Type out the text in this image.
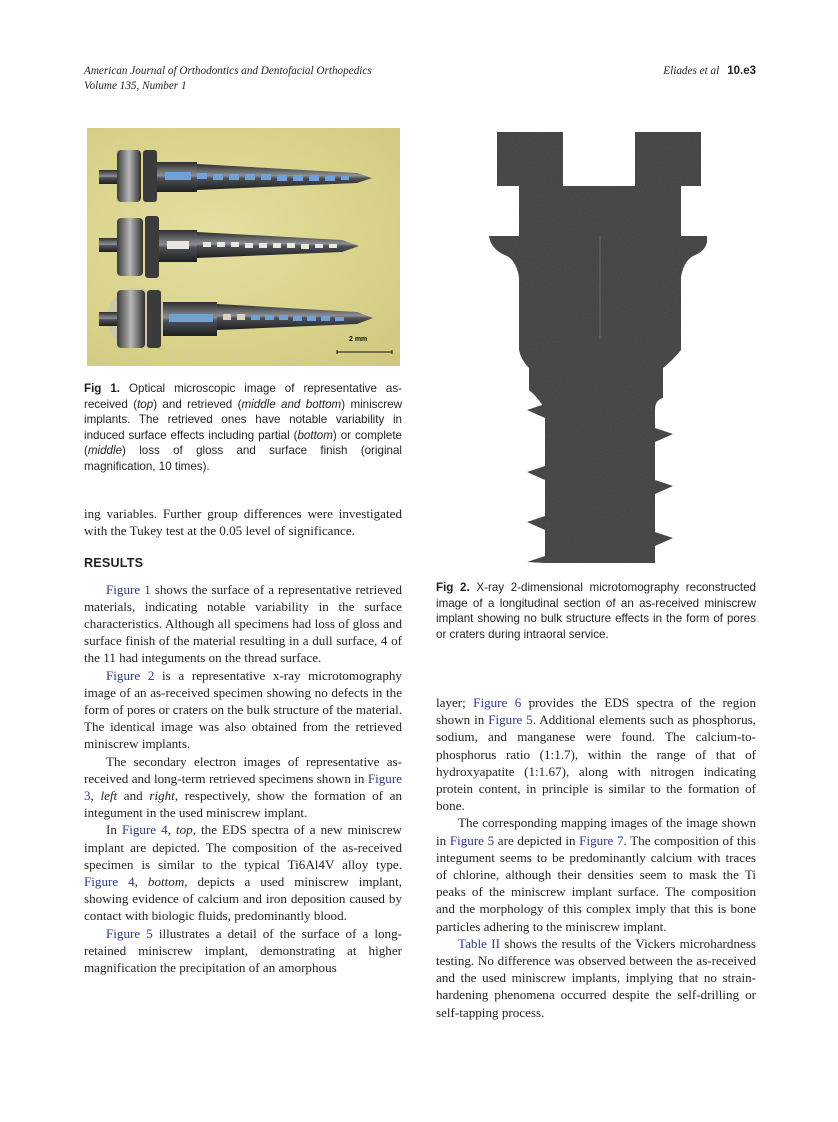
American Journal of Orthodontics and Dentofacial Orthopedics
Volume 135, Number 1
Eliades et al 10.e3
2 mm
Fig 1. Optical microscopic image of representative as-received (top) and retrieved (middle and bottom) miniscrew implants. The retrieved ones have notable variability in induced surface effects including partial (bottom) or complete (middle) loss of gloss and surface finish (original magnification, 10 times).
Fig 2. X-ray 2-dimensional microtomography reconstructed image of a longitudinal section of an as-received miniscrew implant showing no bulk structure effects in the form of pores or craters during intraoral service.

ing variables. Further group differences were investigated with the Tukey test at the 0.05 level of significance.

RESULTS

Figure 1 shows the surface of a representative retrieved materials, indicating notable variability in the surface characteristics. Although all specimens had loss of gloss and surface finish of the material resulting in a dull surface, 4 of the 11 had integuments on the thread surface.

Figure 2 is a representative x-ray microtomography image of an as-received specimen showing no defects in the form of pores or craters on the bulk structure of the material. The identical image was also obtained from the retrieved miniscrew implants.

The secondary electron images of representative as-received and long-term retrieved specimens shown in Figure 3, left and right, respectively, show the formation of an integument in the used miniscrew implant.

In Figure 4, top, the EDS spectra of a new miniscrew implant are depicted. The composition of the as-received specimen is similar to the typical Ti6Al4V alloy type. Figure 4, bottom, depicts a used miniscrew implant, showing evidence of calcium and iron deposition caused by contact with biologic fluids, predominantly blood.

Figure 5 illustrates a detail of the surface of a long-retained miniscrew implant, demonstrating at higher magnification the precipitation of an amorphous

layer; Figure 6 provides the EDS spectra of the region shown in Figure 5. Additional elements such as phosphorus, sodium, and manganese were found. The calcium-to-phosphorus ratio (1:1.7), within the range of that of hydroxyapatite (1:1.67), along with nitrogen indicating protein content, in principle is similar to the formation of bone.

The corresponding mapping images of the image shown in Figure 5 are depicted in Figure 7. The composition of this integument seems to be predominantly calcium with traces of chlorine, although their densities seem to mask the Ti peaks of the miniscrew implant surface. The composition and the morphology of this complex imply that this is bone particles adhering to the miniscrew implant.

Table II shows the results of the Vickers microhardness testing. No difference was observed between the as-received and the used miniscrew implants, implying that no strain-hardening phenomena occurred despite the self-drilling or self-tapping process.
